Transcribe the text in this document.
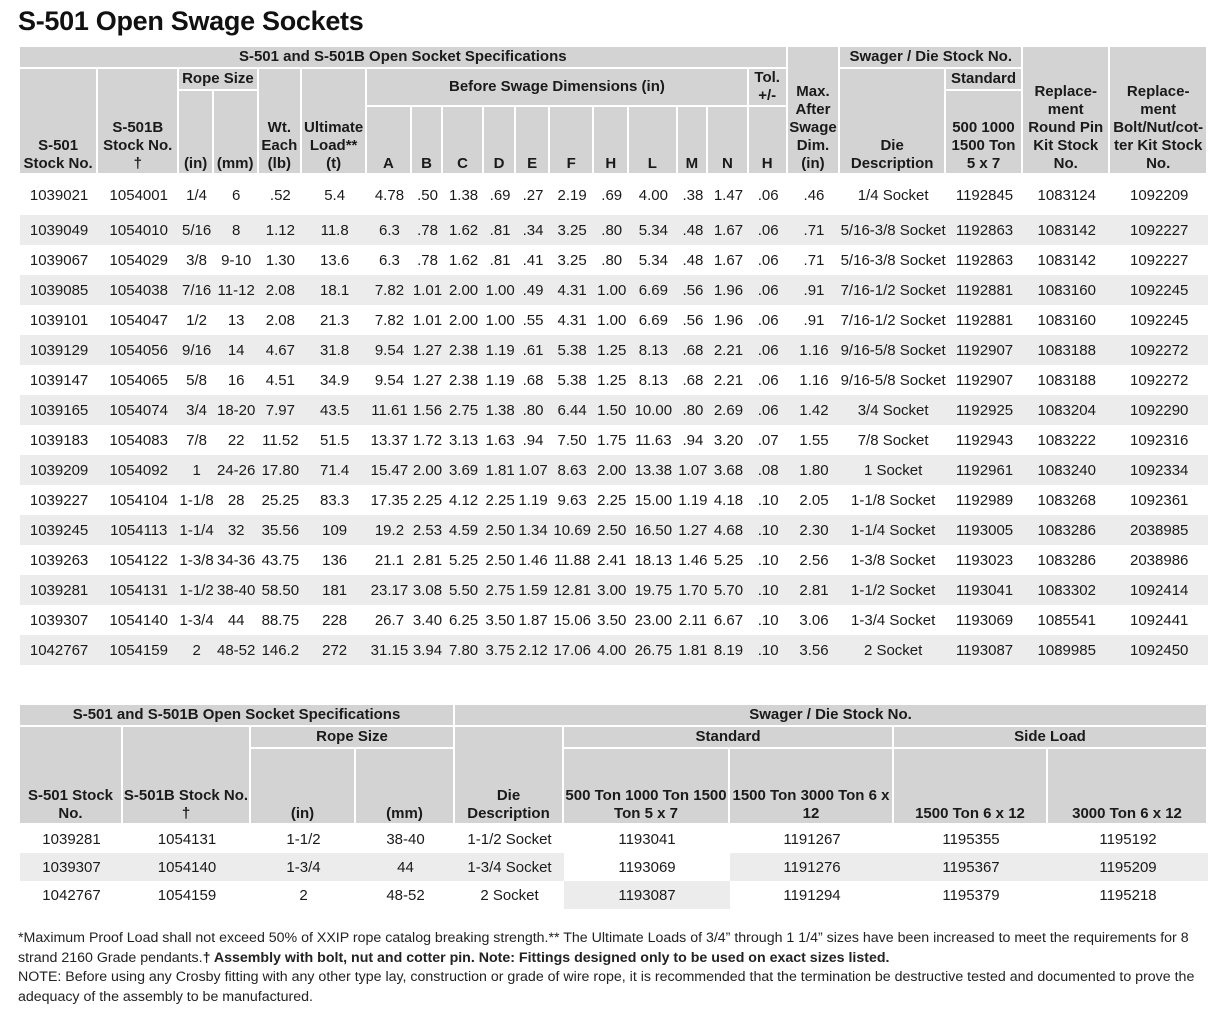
S-501 Open Swage Sockets
S-501 and S-501B Open Socket Specifications																	Max. After Swage Dim. (in)	Swager / Die Stock No.		Replace-ment Round Pin Kit Stock No.	Replace-ment Bolt/Nut/cot-ter Kit Stock No.
S-501 Stock No.	S-501B Stock No. †	Rope Size		Wt. Each (lb)	Ultimate Load** (t)	Before Swage Dimensions (in)										Tol. +/-		Die Description	Standard		
		(in)	(mm)																500 1000 1500 Ton 5 x 7		
						A	B	C	D	E	F	H	L	M	N	H					
1039021	1054001	1/4	6	.52	5.4	4.78	.50	1.38	.69	.27	2.19	.69	4.00	.38	1.47	.06	.46	1/4 Socket	1192845	1083124	1092209
1039049	1054010	5/16	8	1.12	11.8	6.3	.78	1.62	.81	.34	3.25	.80	5.34	.48	1.67	.06	.71	5/16-3/8 Socket	1192863	1083142	1092227
1039067	1054029	3/8	9-10	1.30	13.6	6.3	.78	1.62	.81	.41	3.25	.80	5.34	.48	1.67	.06	.71	5/16-3/8 Socket	1192863	1083142	1092227
1039085	1054038	7/16	11-12	2.08	18.1	7.82	1.01	2.00	1.00	.49	4.31	1.00	6.69	.56	1.96	.06	.91	7/16-1/2 Socket	1192881	1083160	1092245
1039101	1054047	1/2	13	2.08	21.3	7.82	1.01	2.00	1.00	.55	4.31	1.00	6.69	.56	1.96	.06	.91	7/16-1/2 Socket	1192881	1083160	1092245
1039129	1054056	9/16	14	4.67	31.8	9.54	1.27	2.38	1.19	.61	5.38	1.25	8.13	.68	2.21	.06	1.16	9/16-5/8 Socket	1192907	1083188	1092272
1039147	1054065	5/8	16	4.51	34.9	9.54	1.27	2.38	1.19	.68	5.38	1.25	8.13	.68	2.21	.06	1.16	9/16-5/8 Socket	1192907	1083188	1092272
1039165	1054074	3/4	18-20	7.97	43.5	11.61	1.56	2.75	1.38	.80	6.44	1.50	10.00	.80	2.69	.06	1.42	3/4 Socket	1192925	1083204	1092290
1039183	1054083	7/8	22	11.52	51.5	13.37	1.72	3.13	1.63	.94	7.50	1.75	11.63	.94	3.20	.07	1.55	7/8 Socket	1192943	1083222	1092316
1039209	1054092	1	24-26	17.80	71.4	15.47	2.00	3.69	1.81	1.07	8.63	2.00	13.38	1.07	3.68	.08	1.80	1 Socket	1192961	1083240	1092334
1039227	1054104	1-1/8	28	25.25	83.3	17.35	2.25	4.12	2.25	1.19	9.63	2.25	15.00	1.19	4.18	.10	2.05	1-1/8 Socket	1192989	1083268	1092361
1039245	1054113	1-1/4	32	35.56	109	19.2	2.53	4.59	2.50	1.34	10.69	2.50	16.50	1.27	4.68	.10	2.30	1-1/4 Socket	1193005	1083286	2038985
1039263	1054122	1-3/8	34-36	43.75	136	21.1	2.81	5.25	2.50	1.46	11.88	2.41	18.13	1.46	5.25	.10	2.56	1-3/8 Socket	1193023	1083286	2038986
1039281	1054131	1-1/2	38-40	58.50	181	23.17	3.08	5.50	2.75	1.59	12.81	3.00	19.75	1.70	5.70	.10	2.81	1-1/2 Socket	1193041	1083302	1092414
1039307	1054140	1-3/4	44	88.75	228	26.7	3.40	6.25	3.50	1.87	15.06	3.50	23.00	2.11	6.67	.10	3.06	1-3/4 Socket	1193069	1085541	1092441
1042767	1054159	2	48-52	146.2	272	31.15	3.94	7.80	3.75	2.12	17.06	4.00	26.75	1.81	8.19	.10	3.56	2 Socket	1193087	1089985	1092450
S-501 and S-501B Open Socket Specifications				Swager / Die Stock No.				
S-501 Stock No.	S-501B Stock No. †	Rope Size		Die Description	Standard		Side Load	
		(in)	(mm)		500 Ton 1000 Ton 1500 Ton 5 x 7	1500 Ton 3000 Ton 6 x 12	1500 Ton 6 x 12	3000 Ton 6 x 12
1039281	1054131	1-1/2	38-40	1-1/2 Socket	1193041	1191267	1195355	1195192
1039307	1054140	1-3/4	44	1-3/4 Socket	1193069	1191276	1195367	1195209
1042767	1054159	2	48-52	2 Socket	1193087	1191294	1195379	1195218
*Maximum Proof Load shall not exceed 50% of XXIP rope catalog breaking strength.** The Ultimate Loads of 3/4” through 1 1/4” sizes have been increased to meet the requirements for 8 strand 2160 Grade pendants.† Assembly with bolt, nut and cotter pin. Note: Fittings designed only to be used on exact sizes listed.
NOTE: Before using any Crosby fitting with any other type lay, construction or grade of wire rope, it is recommended that the termination be destructive tested and documented to prove the adequacy of the assembly to be manufactured.
